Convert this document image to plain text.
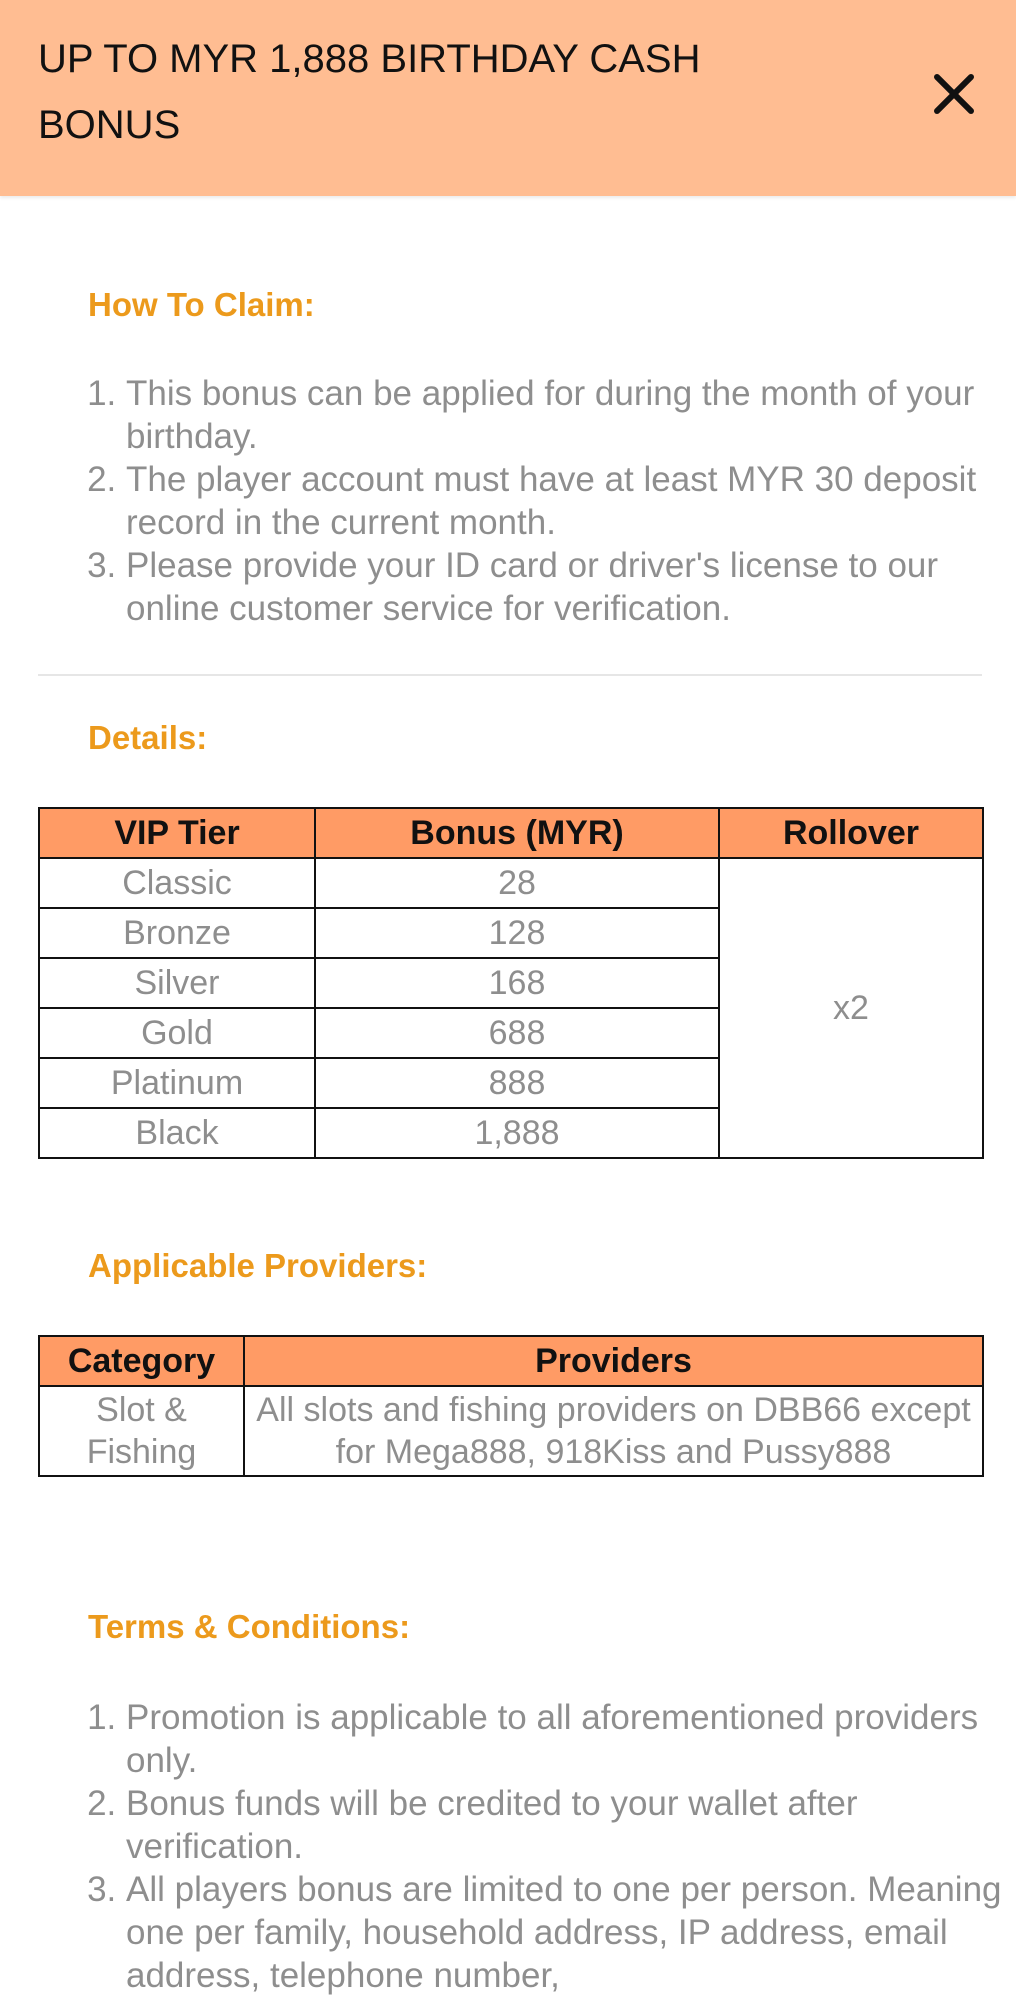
UP TO MYR 1,888 BIRTHDAY CASH BONUS
How To Claim:
1. This bonus can be applied for during the month of your birthday.
2. The player account must have at least MYR 30 deposit record in the current month.
3. Please provide your ID card or driver's license to our online customer service for verification.
Details:
VIP Tier	Bonus (MYR)	Rollover
Classic	28	x2
Bronze	128	
Silver	168	
Gold	688	
Platinum	888	
Black	1,888	
Applicable Providers:
Category	Providers
Slot & Fishing	All slots and fishing providers on DBB66 except for Mega888, 918Kiss and Pussy888
Terms & Conditions:
1. Promotion is applicable to all aforementioned providers only.
2. Bonus funds will be credited to your wallet after verification.
3. All players bonus are limited to one per person. Meaning one per family, household address, IP address, email address, telephone number,
